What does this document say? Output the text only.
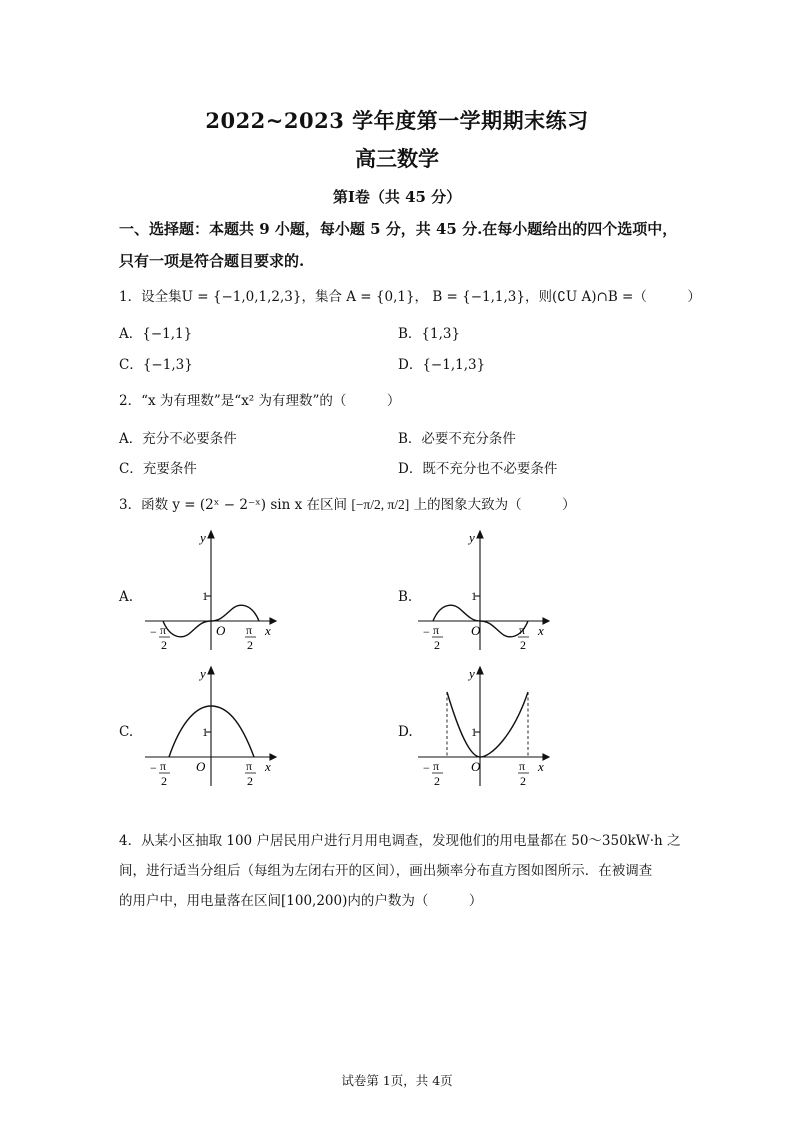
2022~2023 学年度第一学期期末练习
高三数学
第I卷（共 45 分）
一、选择题：本题共 9 小题，每小题 5 分，共 45 分.在每小题给出的四个选项中，
只有一项是符合题目要求的.
1．设全集U = {−1,0,1,2,3}，集合 A = {0,1}， B = {−1,1,3}，则(∁U A)∩B =（　　　）
A．{−1,1}	B．{1,3}
C．{−1,3}	D．{−1,1,3}
2．“x 为有理数”是“x² 为有理数”的（　　　）
A．充分不必要条件	B．必要不充分条件
C．充要条件	D．既不充分也不必要条件
3．函数 y = (2ˣ − 2⁻ˣ) sin x 在区间 [−π/2, π/2] 上的图象大致为（　　　）
A.	B.
C.	D.
y
1
O	x
− π
2
π
2
y
1
O	x
− π
2
π
2
y
1
O	x
− π
2
π
2
y
1
O	x
− π
2
π
2
4．从某小区抽取 100 户居民用户进行月用电调查，发现他们的用电量都在 50～350kW·h 之
间，进行适当分组后（每组为左闭右开的区间），画出频率分布直方图如图所示．在被调查
的用户中，用电量落在区间[100,200)内的户数为（　　　）
试卷第 1页，共 4页
